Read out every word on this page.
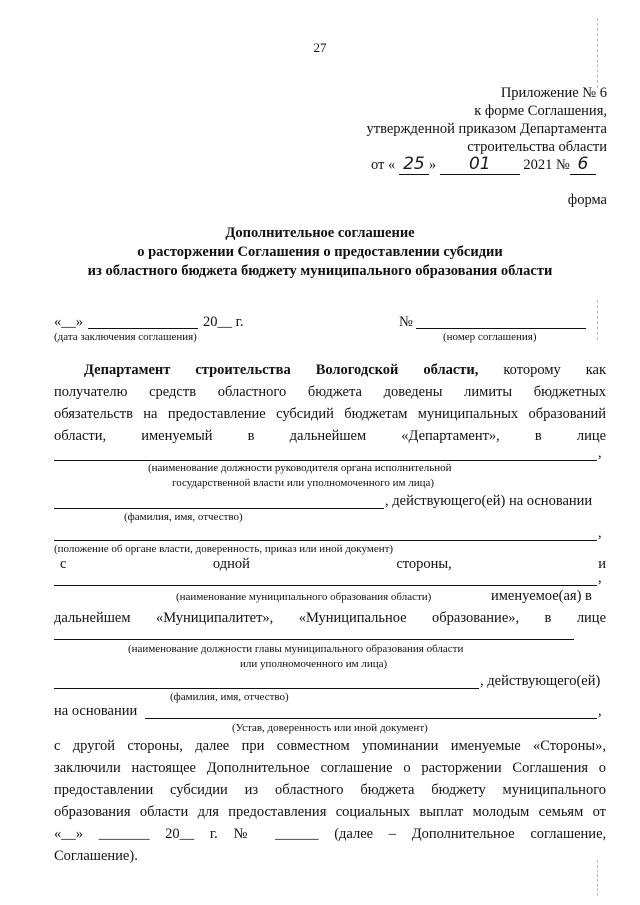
27
Приложение № 6
к форме Соглашения,
утвержденной приказом Департамента
строительства области
от « 25 » 01 2021 № 6
форма
Дополнительное соглашение
о расторжении Соглашения о предоставлении субсидии
из областного бюджета бюджету муниципального образования области
«__»	20__ г.
(дата заключения соглашения)
№
(номер соглашения)
Департамент строительства Вологодской области, которому как
получателю средств областного бюджета доведены лимиты бюджетных
обязательств на предоставление субсидий бюджетам муниципальных образований
области, именуемый в дальнейшем «Департамент», в лице
,
(наименование должности руководителя органа исполнительной
государственной власти или уполномоченного им лица)
, действующего(ей) на основании
(фамилия, имя, отчество)
,
(положение об органе власти, доверенность, приказ или иной документ)
с	одной	стороны,	и
,
(наименование муниципального образования области)	именуемое(ая) в
дальнейшем «Муниципалитет», «Муниципальное образование», в лице
(наименование должности главы муниципального образования области
или уполномоченного им лица)
, действующего(ей)
(фамилия, имя, отчество)
на основании	,
(Устав, доверенность или иной документ)
с другой стороны, далее при совместном упоминании именуемые «Стороны»,
заключили настоящее Дополнительное соглашение о расторжении Соглашения о
предоставлении субсидии из областного бюджета бюджету муниципального
образования области для предоставления социальных выплат молодым семьям от
«__» _______ 20__ г. № ______ (далее – Дополнительное соглашение,
Соглашение).
